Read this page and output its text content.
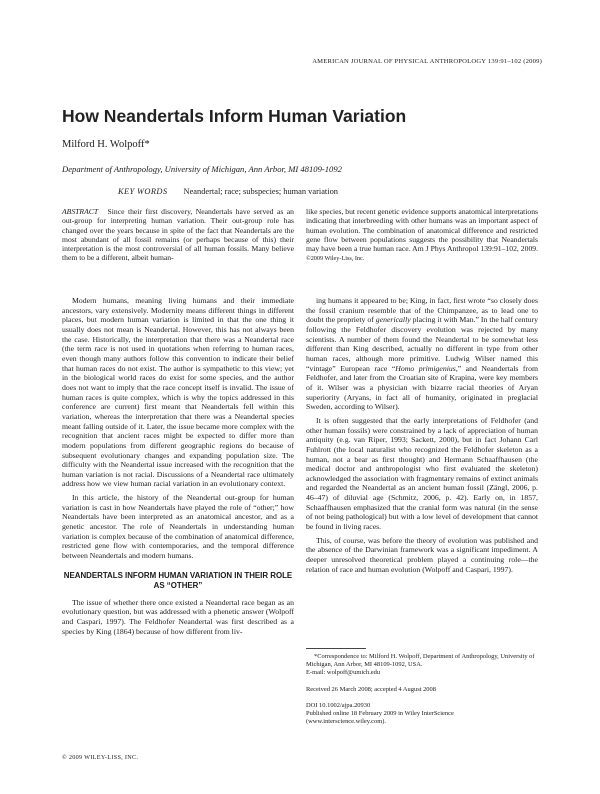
AMERICAN JOURNAL OF PHYSICAL ANTHROPOLOGY 139:91–102 (2009)
How Neandertals Inform Human Variation
Milford H. Wolpoff*
Department of Anthropology, University of Michigan, Ann Arbor, MI 48109-1092
KEY WORDS Neandertal; race; subspecies; human variation
ABSTRACT Since their first discovery, Neandertals have served as an out-group for interpreting human variation. Their out-group role has changed over the years because in spite of the fact that Neandertals are the most abundant of all fossil remains (or perhaps because of this) their interpretation is the most controversial of all human fossils. Many believe them to be a different, albeit human-
like species, but recent genetic evidence supports anatomical interpretations indicating that interbreeding with other humans was an important aspect of human evolution. The combination of anatomical difference and restricted gene flow between populations suggests the possibility that Neandertals may have been a true human race. Am J Phys Anthropol 139:91–102, 2009. ©2009 Wiley-Liss, Inc.

Modern humans, meaning living humans and their immediate ancestors, vary extensively. Modernity means different things in different places, but modern human variation is limited in that the one thing it usually does not mean is Neandertal. However, this has not always been the case. Historically, the interpretation that there was a Neandertal race (the term race is not used in quotations when referring to human races, even though many authors follow this convention to indicate their belief that human races do not exist. The author is sympathetic to this view; yet in the biological world races do exist for some species, and the author does not want to imply that the race concept itself is invalid. The issue of human races is quite complex, which is why the topics addressed in this conference are current) first meant that Neandertals fell within this variation, whereas the interpretation that there was a Neandertal species meant falling outside of it. Later, the issue became more complex with the recognition that ancient races might be expected to differ more than modern populations from different geographic regions do because of subsequent evolutionary changes and expanding population size. The difficulty with the Neandertal issue increased with the recognition that the human variation is not racial. Discussions of a Neandertal race ultimately address how we view human racial variation in an evolutionary context.

In this article, the history of the Neandertal out-group for human variation is cast in how Neandertals have played the role of “other;” how Neandertals have been interpreted as an anatomical ancestor, and as a genetic ancestor. The role of Neandertals in understanding human variation is complex because of the combination of anatomical difference, restricted gene flow with contemporaries, and the temporal difference between Neandertals and modern humans.

NEANDERTALS INFORM HUMAN VARIATION IN THEIR ROLE AS “OTHER”

The issue of whether there once existed a Neandertal race began as an evolutionary question, but was addressed with a phenetic answer (Wolpoff and Caspari, 1997). The Feldhofer Neandertal was first described as a species by King (1864) because of how different from liv-

ing humans it appeared to be; King, in fact, first wrote “so closely does the fossil cranium resemble that of the Chimpanzee, as to lead one to doubt the propriety of generically placing it with Man.” In the half century following the Feldhofer discovery evolution was rejected by many scientists. A number of them found the Neandertal to be somewhat less different than King described, actually no different in type from other human races, although more primitive. Ludwig Wilser named this “vintage” European race “Homo primigenius,” and Neandertals from Feldhofer, and later from the Croatian site of Krapina, were key members of it. Wilser was a physician with bizarre racial theories of Aryan superiority (Aryans, in fact all of humanity, originated in preglacial Sweden, according to Wilser).

It is often suggested that the early interpretations of Feldhofer (and other human fossils) were constrained by a lack of appreciation of human antiquity (e.g. van Riper, 1993; Sackett, 2000), but in fact Johann Carl Fuhlrott (the local naturalist who recognized the Feldhofer skeleton as a human, not a bear as first thought) and Hermann Schaaffhausen (the medical doctor and anthropologist who first evaluated the skeleton) acknowledged the association with fragmentary remains of extinct animals and regarded the Neandertal as an ancient human fossil (Zängl, 2006, p. 46–47) of diluvial age (Schmitz, 2006, p. 42). Early on, in 1857, Schaaffhausen emphasized that the cranial form was natural (in the sense of not being pathological) but with a low level of development that cannot be found in living races.

This, of course, was before the theory of evolution was published and the absence of the Darwinian framework was a significant impediment. A deeper unresolved theoretical problem played a continuing role—the relation of race and human evolution (Wolpoff and Caspari, 1997).

*Correspondence to: Milford H. Wolpoff, Department of Anthropology, University of Michigan, Ann Arbor, MI 48109-1092, USA.

E-mail: wolpoff@umich.edu

Received 26 March 2008; accepted 4 August 2008

DOI 10.1002/ajpa.20930

Published online 18 February 2009 in Wiley InterScience

(www.interscience.wiley.com).

© 2009 WILEY-LISS, INC.
